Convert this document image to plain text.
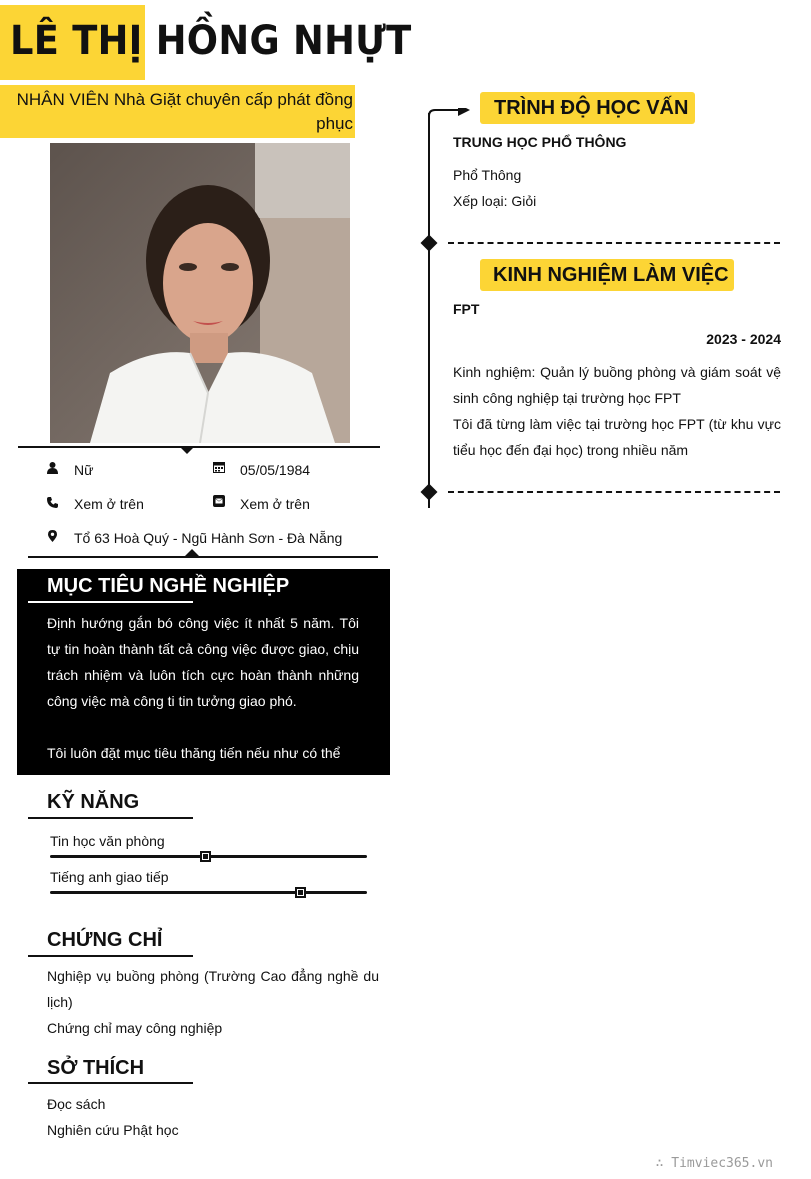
LÊ THỊ HỒNG NHỰT
NHÂN VIÊN Nhà Giặt chuyên cấp phát đồng phục
Nữ	05/05/1984
Xem ở trên	Xem ở trên
Tổ 63 Hoà Quý - Ngũ Hành Sơn - Đà Nẵng
MỤC TIÊU NGHỀ NGHIỆP

Định hướng gắn bó công việc ít nhất 5 năm. Tôi tự tin hoàn thành tất cả công việc được giao, chịu trách nhiệm và luôn tích cực hoàn thành những công việc mà công ti tin tưởng giao phó.

Tôi luôn đặt mục tiêu thăng tiến nếu như có thể

KỸ NĂNG
Tin học văn phòng
Tiếng anh giao tiếp
CHỨNG CHỈ
Nghiệp vụ buồng phòng (Trường Cao đẳng nghề du lịch)
Chứng chỉ may công nghiệp
SỞ THÍCH
Đọc sách
Nghiên cứu Phật học
TRÌNH ĐỘ HỌC VẤN
TRUNG HỌC PHỔ THÔNG
Phổ Thông
Xếp loại: Giỏi
KINH NGHIỆM LÀM VIỆC
FPT
2023 - 2024
Kinh nghiệm: Quản lý buồng phòng và giám soát vệ sinh công nghiệp tại trường học FPT
Tôi đã từng làm việc tại trường học FPT (từ khu vực tiểu học đến đại học) trong nhiều năm
∴ Timviec365.vn
